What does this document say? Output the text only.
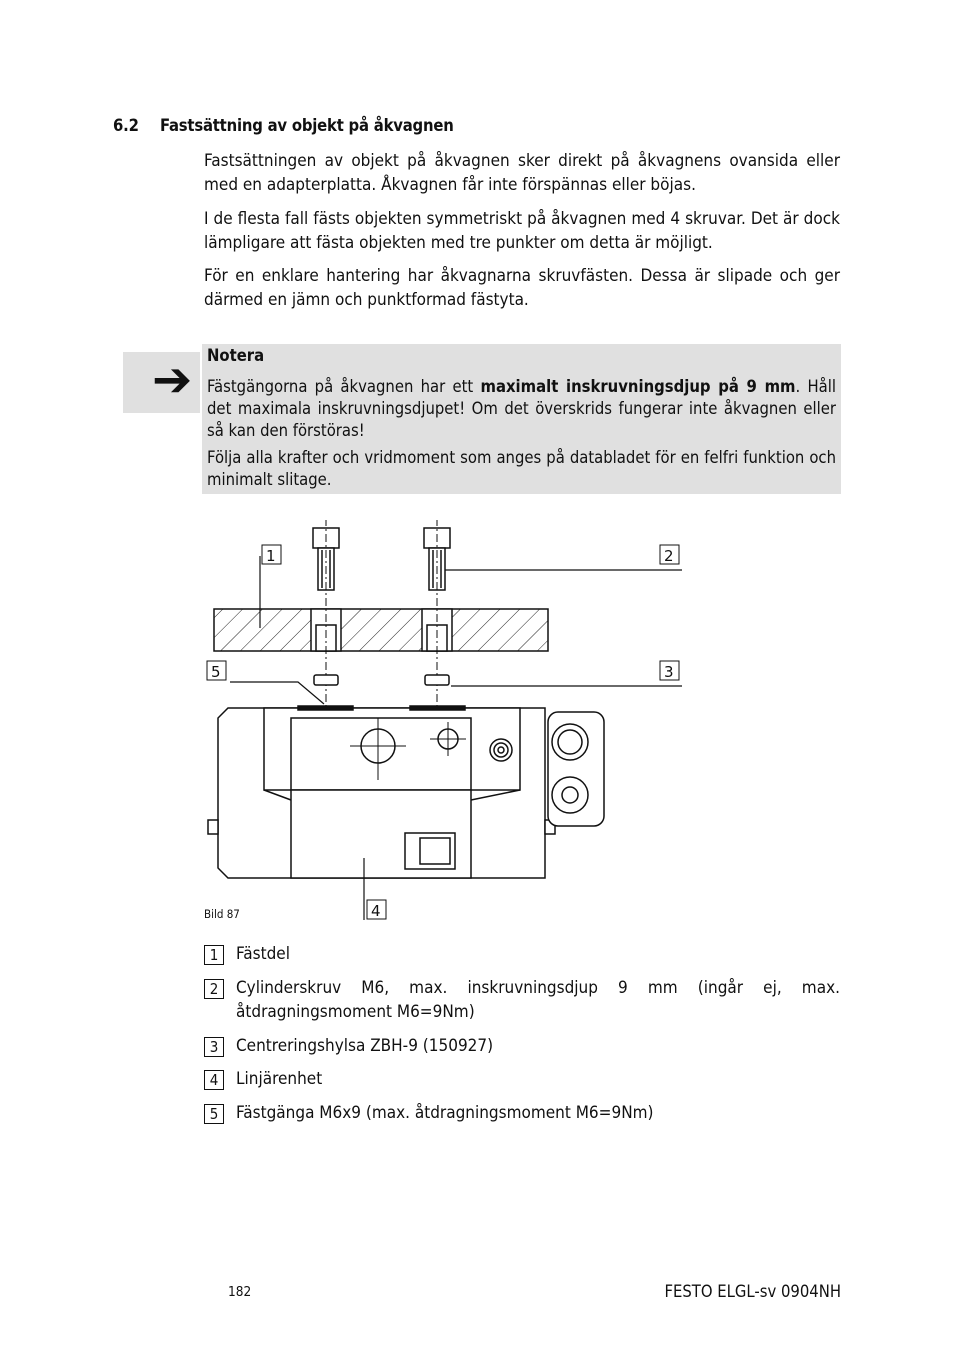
6.2 Fastsättning av objekt på åkvagnen
Fastsättningen av objekt på åkvagnen sker direkt på åkvagnens ovansida eller med en adapterplatta. Åkvagnen får inte förspännas eller böjas.
I de flesta fall fästs objekten symmetriskt på åkvagnen med 4 skruvar. Det är dock lämpligare att fästa objekten med tre punkter om detta är möjligt.
För en enklare hantering har åkvagnarna skruvfästen. Dessa är slipade och ger därmed en jämn och punktformad fästyta.
➔ Notera
Fästgängorna på åkvagnen har ett maximalt inskruvningsdjup på 9 mm. Håll det maximala inskruvningsdjupet! Om det överskrids fungerar inte åkvagnen eller så kan den förstöras!
Följa alla krafter och vridmoment som anges på databladet för en felfri funktion och minimalt slitage.
1	2
3
4
5
Bild 87
1	Fästdel
2	Cylinderskruv M6, max. inskruvningsdjup 9 mm (ingår ej, max. åtdragningsmoment M6=9Nm)
3	Centreringshylsa ZBH-9 (150927)
4	Linjärenhet
5	Fästgänga M6x9 (max. åtdragningsmoment M6=9Nm)
182	FESTO ELGL-sv 0904NH
